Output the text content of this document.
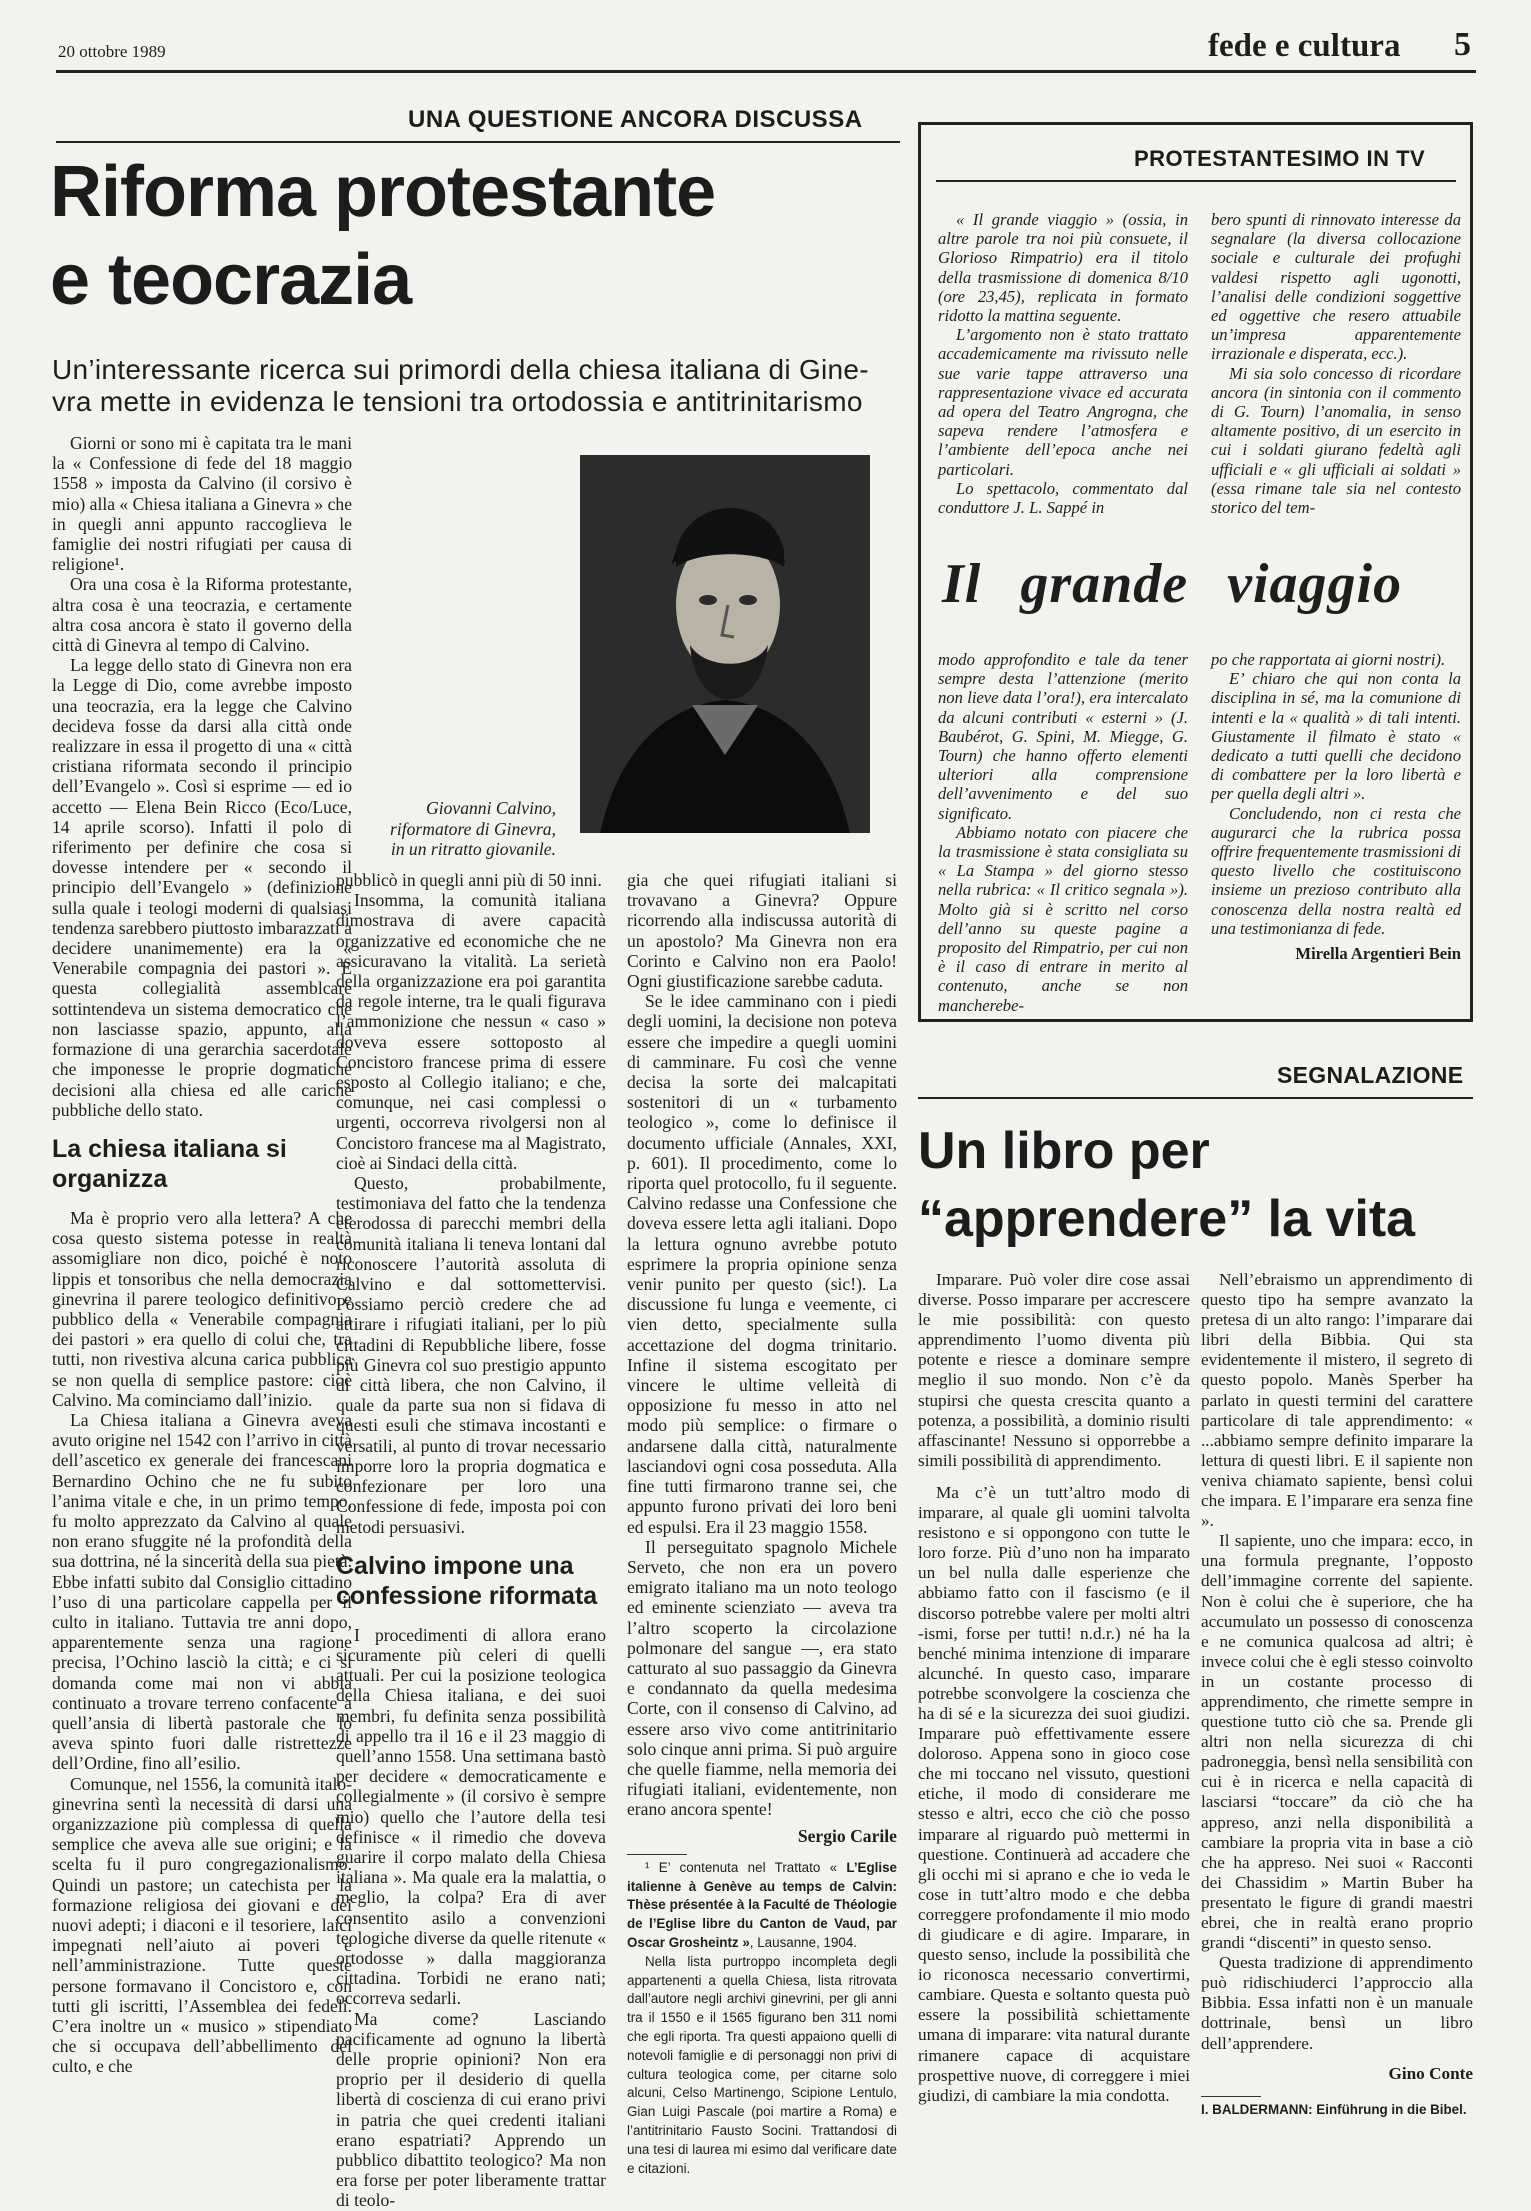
20 ottobre 1989	fede e cultura 5
UNA QUESTIONE ANCORA DISCUSSA
Riforma protestante
e teocrazia
Un’interessante ricerca sui primordi della chiesa italiana di Gine-
vra mette in evidenza le tensioni tra ortodossia e antitrinitarismo

Giorni or sono mi è capitata tra le mani la « Confessione di fede del 18 maggio 1558 » imposta da Calvino (il corsivo è mio) alla « Chiesa italiana a Ginevra » che in quegli anni appunto raccoglieva le famiglie dei nostri rifugiati per causa di religione¹.

Ora una cosa è la Riforma protestante, altra cosa è una teocrazia, e certamente altra cosa ancora è stato il governo della città di Ginevra al tempo di Calvino.

La legge dello stato di Ginevra non era la Legge di Dio, come avrebbe imposto una teocrazia, era la legge che Calvino decideva fosse da darsi alla città onde realizzare in essa il progetto di una « città cristiana riformata secondo il principio dell’Evangelo ». Così si esprime — ed io accetto — Elena Bein Ricco (Eco/Luce, 14 aprile scorso). Infatti il polo di riferimento per definire che cosa si dovesse intendere per « secondo il principio dell’Evangelo » (definizione sulla quale i teologi moderni di qualsiasi tendenza sarebbero piuttosto imbarazzati a decidere unanimemente) era la « Venerabile compagnia dei pastori ». E questa collegialità assemblcare sottintendeva un sistema democratico che non lasciasse spazio, appunto, alla formazione di una gerarchia sacerdotale che imponesse le proprie dogmatiche decisioni alla chiesa ed alle cariche pubbliche dello stato.

La chiesa italiana si organizza

Ma è proprio vero alla lettera? A che cosa questo sistema potesse in realtà assomigliare non dico, poiché è noto lippis et tonsoribus che nella democrazia ginevrina il parere teologico definitivo e pubblico della « Venerabile compagnia dei pastori » era quello di colui che, tra tutti, non rivestiva alcuna carica pubblica se non quella di semplice pastore: cioè Calvino. Ma cominciamo dall’inizio.

La Chiesa italiana a Ginevra aveva avuto origine nel 1542 con l’arrivo in città dell’ascetico ex generale dei francescani Bernardino Ochino che ne fu subito l’anima vitale e che, in un primo tempo, fu molto apprezzato da Calvino al quale non erano sfuggite né la profondità della sua dottrina, né la sincerità della sua pietà. Ebbe infatti subito dal Consiglio cittadino l’uso di una particolare cappella per il culto in italiano. Tuttavia tre anni dopo, apparentemente senza una ragione precisa, l’Ochino lasciò la città; e ci si domanda come mai non vi abbia continuato a trovare terreno confacente a quell’ansia di libertà pastorale che lo aveva spinto fuori dalle ristrettezze dell’Ordine, fino all’esilio.

Comunque, nel 1556, la comunità italo-ginevrina sentì la necessità di darsi una organizzazione più complessa di quella semplice che aveva alle sue origini; e la scelta fu il puro congregazionalismo. Quindi un pastore; un catechista per la formazione religiosa dei giovani e dei nuovi adepti; i diaconi e il tesoriere, laici impegnati nell’aiuto ai poveri e nell’amministrazione. Tutte queste persone formavano il Concistoro e, con tutti gli iscritti, l’Assemblea dei fedeli. C’era inoltre un « musico » stipendiato che si occupava dell’abbellimento del culto, e che

Giovanni Calvino,
riformatore di Ginevra,
in un ritratto giovanile.

pubblicò in quegli anni più di 50 inni.

Insomma, la comunità italiana dimostrava di avere capacità organizzative ed economiche che ne assicuravano la vitalità. La serietà della organizzazione era poi garantita da regole interne, tra le quali figurava l’ammonizione che nessun « caso » doveva essere sottoposto al Concistoro francese prima di essere esposto al Collegio italiano; e che, comunque, nei casi complessi o urgenti, occorreva rivolgersi non al Concistoro francese ma al Magistrato, cioè ai Sindaci della città.

Questo, probabilmente, testimoniava del fatto che la tendenza eterodossa di parecchi membri della comunità italiana li teneva lontani dal riconoscere l’autorità assoluta di Calvino e dal sottomettervisi. Possiamo perciò credere che ad attirare i rifugiati italiani, per lo più cittadini di Repubbliche libere, fosse più Ginevra col suo prestigio appunto di città libera, che non Calvino, il quale da parte sua non si fidava di questi esuli che stimava incostanti e versatili, al punto di trovar necessario imporre loro la propria dogmatica e confezionare per loro una Confessione di fede, imposta poi con metodi persuasivi.

Calvino impone una confessione riformata

I procedimenti di allora erano sicuramente più celeri di quelli attuali. Per cui la posizione teologica della Chiesa italiana, e dei suoi membri, fu definita senza possibilità di appello tra il 16 e il 23 maggio di quell’anno 1558. Una settimana bastò per decidere « democraticamente e collegialmente » (il corsivo è sempre mio) quello che l’autore della tesi definisce « il rimedio che doveva guarire il corpo malato della Chiesa italiana ». Ma quale era la malattia, o meglio, la colpa? Era di aver consentito asilo a convenzioni teologiche diverse da quelle ritenute « ortodosse » dalla maggioranza cittadina. Torbidi ne erano nati; occorreva sedarli.

Ma come? Lasciando pacificamente ad ognuno la libertà delle proprie opinioni? Non era proprio per il desiderio di quella libertà di coscienza di cui erano privi in patria che quei credenti italiani erano espatriati? Apprendo un pubblico dibattito teologico? Ma non era forse per poter liberamente trattar di teolo-

gia che quei rifugiati italiani si trovavano a Ginevra? Oppure ricorrendo alla indiscussa autorità di un apostolo? Ma Ginevra non era Corinto e Calvino non era Paolo! Ogni giustificazione sarebbe caduta.

Se le idee camminano con i piedi degli uomini, la decisione non poteva essere che impedire a quegli uomini di camminare. Fu così che venne decisa la sorte dei malcapitati sostenitori di un « turbamento teologico », come lo definisce il documento ufficiale (Annales, XXI, p. 601). Il procedimento, come lo riporta quel protocollo, fu il seguente. Calvino redasse una Confessione che doveva essere letta agli italiani. Dopo la lettura ognuno avrebbe potuto esprimere la propria opinione senza venir punito per questo (sic!). La discussione fu lunga e veemente, ci vien detto, specialmente sulla accettazione del dogma trinitario. Infine il sistema escogitato per vincere le ultime velleità di opposizione fu messo in atto nel modo più semplice: o firmare o andarsene dalla città, naturalmente lasciandovi ogni cosa posseduta. Alla fine tutti firmarono tranne sei, che appunto furono privati dei loro beni ed espulsi. Era il 23 maggio 1558.

Il perseguitato spagnolo Michele Serveto, che non era un povero emigrato italiano ma un noto teologo ed eminente scienziato — aveva tra l’altro scoperto la circolazione polmonare del sangue —, era stato catturato al suo passaggio da Ginevra e condannato da quella medesima Corte, con il consenso di Calvino, ad essere arso vivo come antitrinitario solo cinque anni prima. Si può arguire che quelle fiamme, nella memoria dei rifugiati italiani, evidentemente, non erano ancora spente!

Sergio Carile

¹ E’ contenuta nel Trattato « L’Eglise italienne à Genève au temps de Calvin: Thèse présentée à la Faculté de Théologie de l’Eglise libre du Canton de Vaud, par Oscar Grosheintz », Lausanne, 1904.

Nella lista purtroppo incompleta degli appartenenti a quella Chiesa, lista ritrovata dall’autore negli archivi ginevrini, per gli anni tra il 1550 e il 1565 figurano ben 311 nomi che egli riporta. Tra questi appaiono quelli di notevoli famiglie e di personaggi non privi di cultura teologica come, per citarne solo alcuni, Celso Martinengo, Scipione Lentulo, Gian Luigi Pascale (poi martire a Roma) e l’antitrinitario Fausto Socini. Trattandosi di una tesi di laurea mi esimo dal verificare date e citazioni.

PROTESTANTESIMO IN TV

« Il grande viaggio » (ossia, in altre parole tra noi più consuete, il Glorioso Rimpatrio) era il titolo della trasmissione di domenica 8/10 (ore 23,45), replicata in formato ridotto la mattina seguente.

L’argomento non è stato trattato accademicamente ma rivissuto nelle sue varie tappe attraverso una rappresentazione vivace ed accurata ad opera del Teatro Angrogna, che sapeva rendere l’atmosfera e l’ambiente dell’epoca anche nei particolari.

Lo spettacolo, commentato dal conduttore J. L. Sappé in

bero spunti di rinnovato interesse da segnalare (la diversa collocazione sociale e culturale dei profughi valdesi rispetto agli ugonotti, l’analisi delle condizioni soggettive ed oggettive che resero attuabile un’impresa apparentemente irrazionale e disperata, ecc.).

Mi sia solo concesso di ricordare ancora (in sintonia con il commento di G. Tourn) l’anomalia, in senso altamente positivo, di un esercito in cui i soldati giurano fedeltà agli ufficiali e « gli ufficiali ai soldati » (essa rimane tale sia nel contesto storico del tem-

Il grande viaggio

modo approfondito e tale da tener sempre desta l’attenzione (merito non lieve data l’ora!), era intercalato da alcuni contributi « esterni » (J. Baubérot, G. Spini, M. Miegge, G. Tourn) che hanno offerto elementi ulteriori alla comprensione dell’avvenimento e del suo significato.

Abbiamo notato con piacere che la trasmissione è stata consigliata su « La Stampa » del giorno stesso nella rubrica: « Il critico segnala »). Molto già si è scritto nel corso dell’anno su queste pagine a proposito del Rimpatrio, per cui non è il caso di entrare in merito al contenuto, anche se non mancherebe-

po che rapportata ai giorni nostri).

E’ chiaro che qui non conta la disciplina in sé, ma la comunione di intenti e la « qualità » di tali intenti. Giustamente il filmato è stato « dedicato a tutti quelli che decidono di combattere per la loro libertà e per quella degli altri ».

Concludendo, non ci resta che augurarci che la rubrica possa offrire frequentemente trasmissioni di questo livello che costituiscono insieme un prezioso contributo alla conoscenza della nostra realtà ed una testimonianza di fede.

Mirella Argentieri Bein

SEGNALAZIONE
Un libro per
“apprendere” la vita

Imparare. Può voler dire cose assai diverse. Posso imparare per accrescere le mie possibilità: con questo apprendimento l’uomo diventa più potente e riesce a dominare sempre meglio il suo mondo. Non c’è da stupirsi che questa crescita quanto a potenza, a possibilità, a dominio risulti affascinante! Nessuno si opporrebbe a simili possibilità di apprendimento.

Ma c’è un tutt’altro modo di imparare, al quale gli uomini talvolta resistono e si oppongono con tutte le loro forze. Più d’uno non ha imparato un bel nulla dalle esperienze che abbiamo fatto con il fascismo (e il discorso potrebbe valere per molti altri -ismi, forse per tutti! n.d.r.) né ha la benché minima intenzione di imparare alcunché. In questo caso, imparare potrebbe sconvolgere la coscienza che ha di sé e la sicurezza dei suoi giudizi. Imparare può effettivamente essere doloroso. Appena sono in gioco cose che mi toccano nel vissuto, questioni etiche, il modo di considerare me stesso e altri, ecco che ciò che posso imparare al riguardo può mettermi in questione. Continuerà ad accadere che gli occhi mi si aprano e che io veda le cose in tutt’altro modo e che debba correggere profondamente il mio modo di giudicare e di agire. Imparare, in questo senso, include la possibilità che io riconosca necessario convertirmi, cambiare. Questa e soltanto questa può essere la possibilità schiettamente umana di imparare: vita natural durante rimanere capace di acquistare prospettive nuove, di correggere i miei giudizi, di cambiare la mia condotta.

Nell’ebraismo un apprendimento di questo tipo ha sempre avanzato la pretesa di un alto rango: l’imparare dai libri della Bibbia. Qui sta evidentemente il mistero, il segreto di questo popolo. Manès Sperber ha parlato in questi termini del carattere particolare di tale apprendimento: « ...abbiamo sempre definito imparare la lettura di questi libri. E il sapiente non veniva chiamato sapiente, bensì colui che impara. E l’imparare era senza fine ».

Il sapiente, uno che impara: ecco, in una formula pregnante, l’opposto dell’immagine corrente del sapiente. Non è colui che è superiore, che ha accumulato un possesso di conoscenza e ne comunica qualcosa ad altri; è invece colui che è egli stesso coinvolto in un costante processo di apprendimento, che rimette sempre in questione tutto ciò che sa. Prende gli altri non nella sicurezza di chi padroneggia, bensì nella sensibilità con cui è in ricerca e nella capacità di lasciarsi “toccare” da ciò che ha appreso, anzi nella disponibilità a cambiare la propria vita in base a ciò che ha appreso. Nei suoi « Racconti dei Chassidim » Martin Buber ha presentato le figure di grandi maestri ebrei, che in realtà erano proprio grandi “discenti” in questo senso.

Questa tradizione di apprendimento può ridischiuderci l’approccio alla Bibbia. Essa infatti non è un manuale dottrinale, bensì un libro dell’apprendere.

Gino Conte

I. BALDERMANN: Einführung in die Bibel.
